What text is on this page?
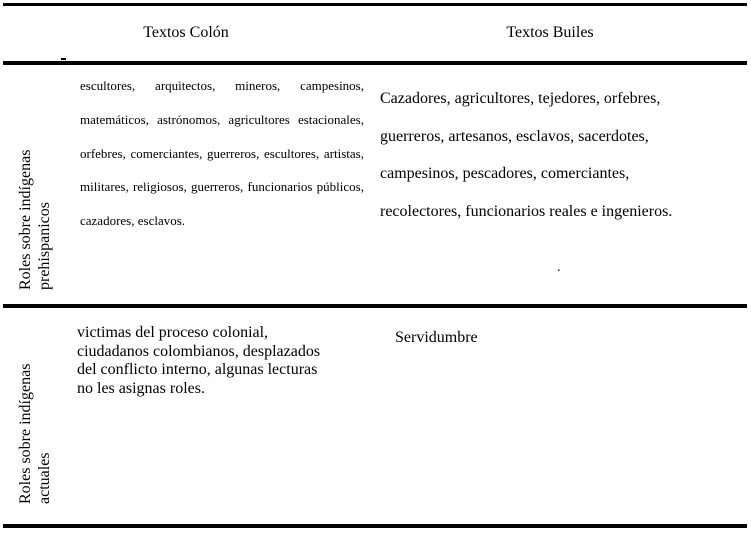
Textos Colón	Textos Builes
Roles sobre indígenas prehispanicos
escultores, arquitectos, mineros, campesinos, matemáticos, astrónomos, agricultores estacionales, orfebres, comerciantes, guerreros, escultores, artistas, militares, religiosos, guerreros, funcionarios públicos, cazadores, esclavos.
Cazadores, agricultores, tejedores, orfebres,
guerreros, artesanos, esclavos, sacerdotes,
campesinos, pescadores, comerciantes,
recolectores, funcionarios reales e ingenieros.
.
Roles sobre indígenas actuales
victimas del proceso colonial,
ciudadanos colombianos, desplazados
del conflicto interno, algunas lecturas
no les asignas roles.
Servidumbre
